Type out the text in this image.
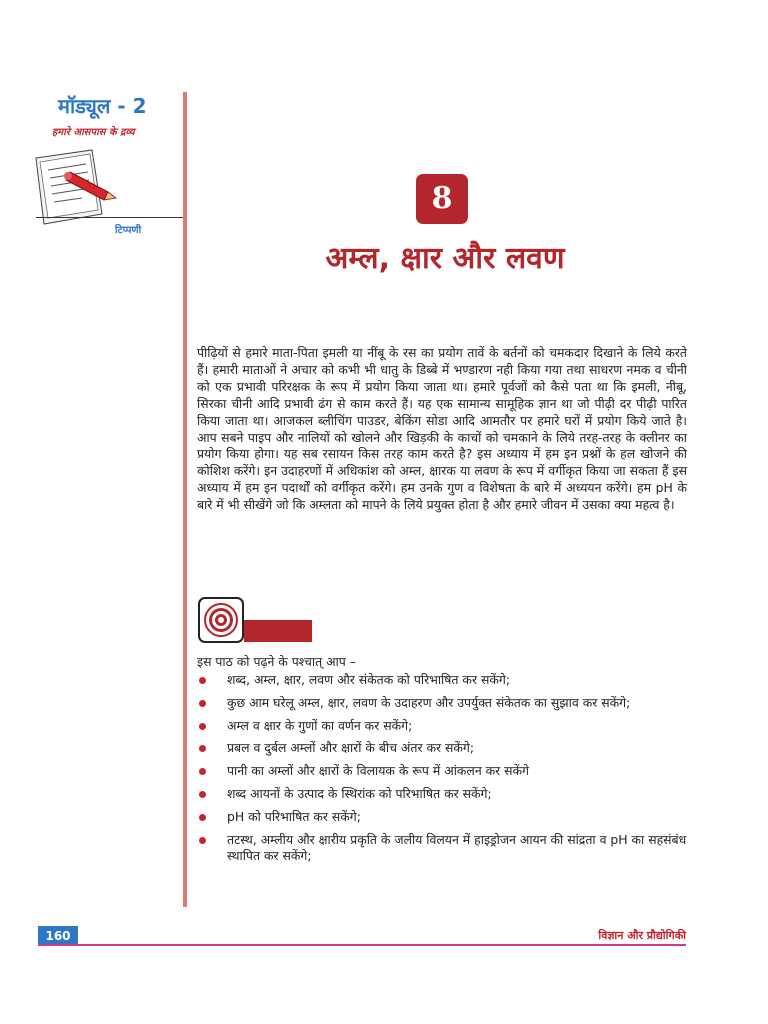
मॉड्यूल - 2
हमारे आसपास के द्रव्य
टिप्पणी
8
अम्ल, क्षार और लवण

पीढ़ियों से हमारे माता-पिता इमली या नींबू के रस का प्रयोग तावें के बर्तनों को चमकदार दिखाने के लिये करते हैं। हमारी माताओं ने अचार को कभी भी धातु के डिब्बे में भण्डारण नही किया गया तथा साधरण नमक व चीनी को एक प्रभावी परिरक्षक के रूप में प्रयोग किया जाता था। हमारे पूर्वजों को कैसे पता था कि इमली, नीबू, सिरका चीनी आदि प्रभावी ढंग से काम करते हैं। यह एक सामान्य सामूहिक ज्ञान था जो पीढ़ी दर पीढ़ी पारित किया जाता था। आजकल ब्लीचिंग पाउडर, बेकिंग सोडा आदि आमतौर पर हमारे घरों में प्रयोग किये जाते है। आप सबने पाइप और नालियों को खोलने और खिड़की के काचों को चमकाने के लिये तरह-तरह के क्लीनर का प्रयोग किया होगा। यह सब रसायन किस तरह काम करते है? इस अध्याय में हम इन प्रश्नों के हल खोजने की कोशिश करेंगे। इन उदाहरणों में अधिकांश को अम्ल, क्षारक या लवण के रूप में वर्गीकृत किया जा सकता हैं इस अध्याय में हम इन पदार्थों को वर्गीकृत करेंगे। हम उनके गुण व विशेषता के बारे में अध्ययन करेंगे। हम pH के बारे में भी सीखेंगे जो कि अम्लता को मापने के लिये प्रयुक्त होता है और हमारे जीवन में उसका क्या महत्व है।

इस पाठ को पढ़ने के पश्चात् आप –
शब्द, अम्ल, क्षार, लवण और संकेतक को परिभाषित कर सकेंगे;
कुछ आम घरेलू अम्ल, क्षार, लवण के उदाहरण और उपर्युक्त संकेतक का सुझाव कर सकेंगे;
अम्ल व क्षार के गुणों का वर्णन कर सकेंगे;
प्रबल व दुर्बल अम्लों और क्षारों के बीच अंतर कर सकेंगे;
पानी का अम्लों और क्षारों के विलायक के रूप में आंकलन कर सकेंगे
शब्द आयनों के उत्पाद के स्थिरांक को परिभाषित कर सकेंगे;
pH को परिभाषित कर सकेंगे;
तटस्थ, अम्लीय और क्षारीय प्रकृति के जलीय विलयन में हाइड्रोजन आयन की सांद्रता व pH का सहसंबंध स्थापित कर सकेंगे;
160	विज्ञान और प्रौद्योगिकी
